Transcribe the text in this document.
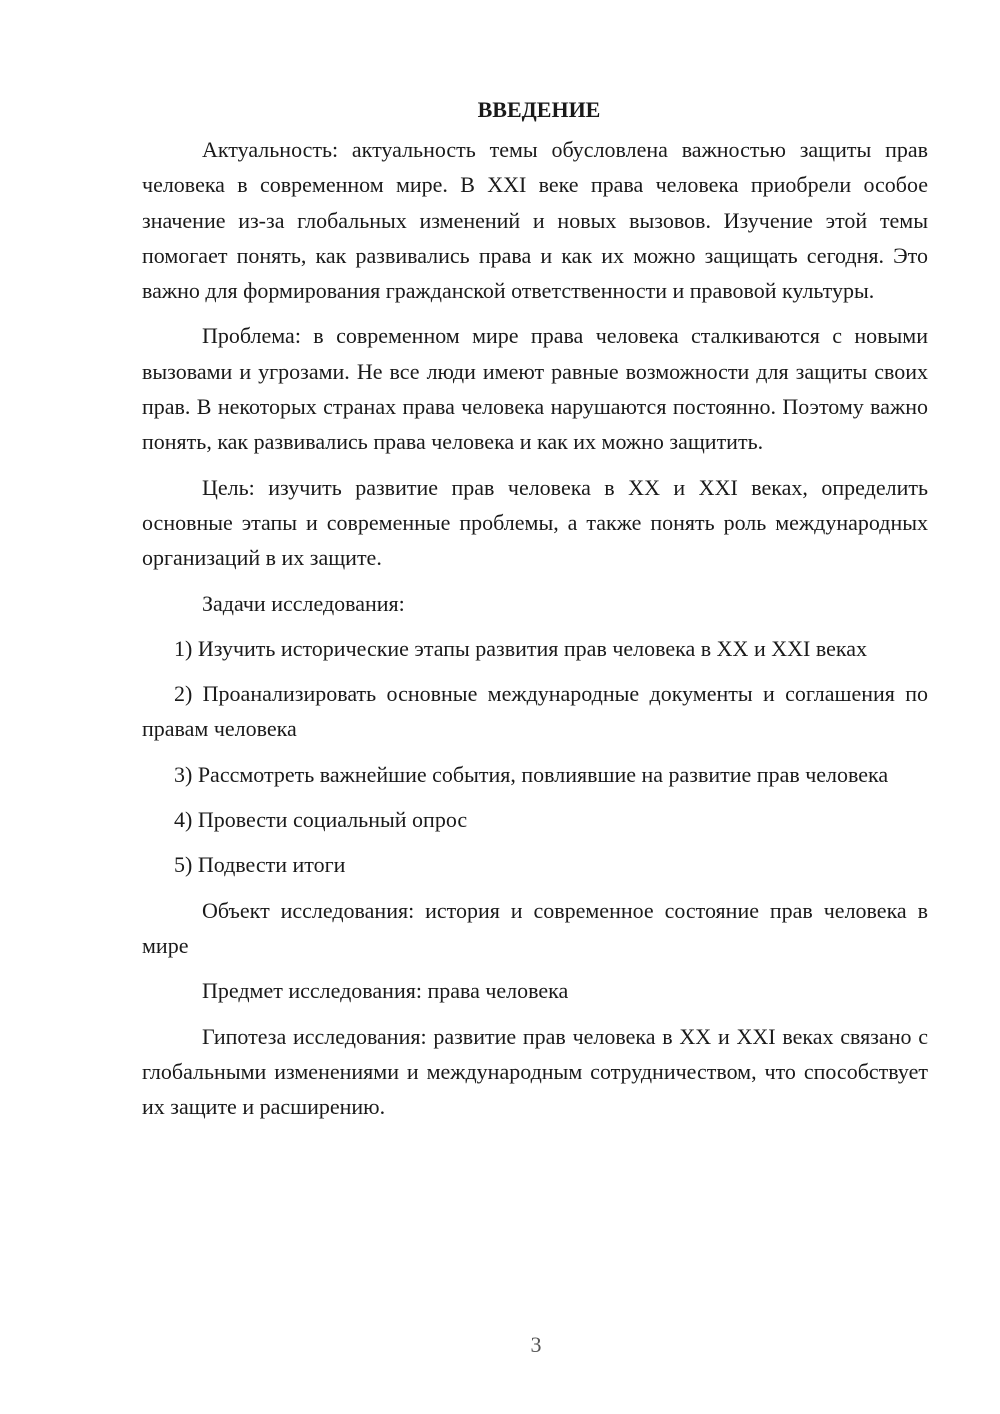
ВВЕДЕНИЕ

Актуальность: актуальность темы обусловлена важностью защиты прав человека в современном мире. В XXI веке права человека приобрели особое значение из-за глобальных изменений и новых вызовов. Изучение этой темы помогает понять, как развивались права и как их можно защищать сегодня. Это важно для формирования гражданской ответственности и правовой культуры.

Проблема: в современном мире права человека сталкиваются с новыми вызовами и угрозами. Не все люди имеют равные возможности для защиты своих прав. В некоторых странах права человека нарушаются постоянно. Поэтому важно понять, как развивались права человека и как их можно защитить.

Цель: изучить развитие прав человека в XX и XXI веках, определить основные этапы и современные проблемы, а также понять роль международных организаций в их защите.

Задачи исследования:

1) Изучить исторические этапы развития прав человека в XX и XXI веках

2) Проанализировать основные международные документы и соглашения по правам человека

3) Рассмотреть важнейшие события, повлиявшие на развитие прав человека

4) Провести социальный опрос

5) Подвести итоги

Объект исследования: история и современное состояние прав человека в мире

Предмет исследования: права человека

Гипотеза исследования: развитие прав человека в XX и XXI веках связано с глобальными изменениями и международным сотрудничеством, что способствует их защите и расширению.

3
